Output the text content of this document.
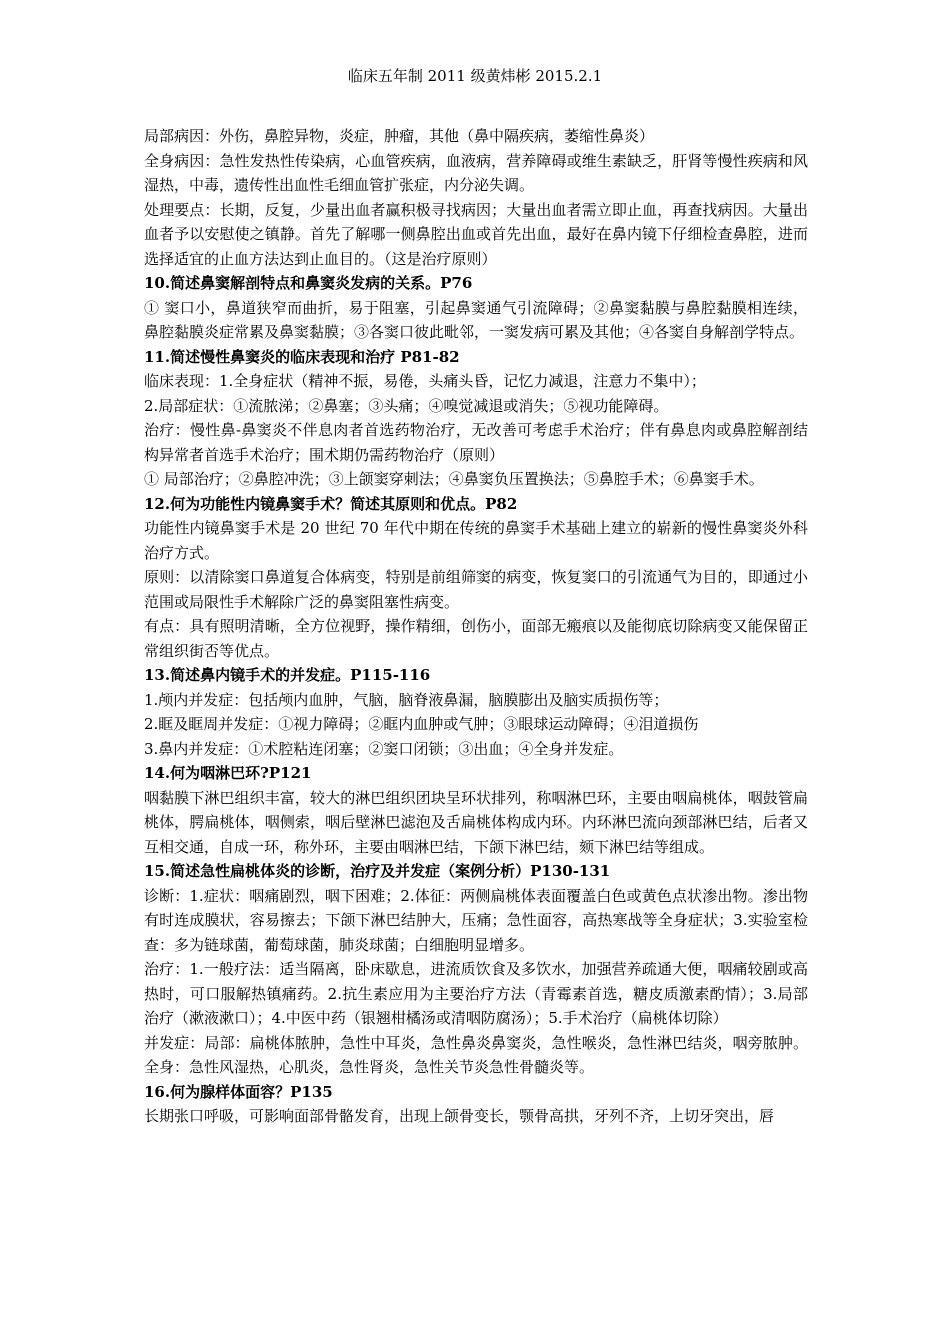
临床五年制 2011 级黄炜彬 2015.2.1

局部病因：外伤，鼻腔异物，炎症，肿瘤，其他（鼻中隔疾病，萎缩性鼻炎）

全身病因：急性发热性传染病，心血管疾病，血液病，营养障碍或维生素缺乏，肝肾等慢性疾病和风湿热，中毒，遗传性出血性毛细血管扩张症，内分泌失调。

处理要点：长期，反复，少量出血者赢积极寻找病因；大量出血者需立即止血，再查找病因。大量出血者予以安慰使之镇静。首先了解哪一侧鼻腔出血或首先出血，最好在鼻内镜下仔细检查鼻腔，进而选择适宜的止血方法达到止血目的。（这是治疗原则）

10.简述鼻窦解剖特点和鼻窦炎发病的关系。P76

① 窦口小，鼻道狭窄而曲折，易于阻塞，引起鼻窦通气引流障碍；②鼻窦黏膜与鼻腔黏膜相连续，鼻腔黏膜炎症常累及鼻窦黏膜；③各窦口彼此毗邻，一窦发病可累及其他；④各窦自身解剖学特点。

11.简述慢性鼻窦炎的临床表现和治疗 P81-82

临床表现：1.全身症状（精神不振，易倦，头痛头昏，记忆力减退，注意力不集中）；

2.局部症状：①流脓涕；②鼻塞；③头痛；④嗅觉减退或消失；⑤视功能障碍。

治疗：慢性鼻-鼻窦炎不伴息肉者首选药物治疗，无改善可考虑手术治疗；伴有鼻息肉或鼻腔解剖结构异常者首选手术治疗；围术期仍需药物治疗（原则）

① 局部治疗；②鼻腔冲洗；③上颌窦穿刺法；④鼻窦负压置换法；⑤鼻腔手术；⑥鼻窦手术。

12.何为功能性内镜鼻窦手术？简述其原则和优点。P82

功能性内镜鼻窦手术是 20 世纪 70 年代中期在传统的鼻窦手术基础上建立的崭新的慢性鼻窦炎外科治疗方式。

原则：以清除窦口鼻道复合体病变，特别是前组筛窦的病变，恢复窦口的引流通气为目的，即通过小范围或局限性手术解除广泛的鼻窦阻塞性病变。

有点：具有照明清晰，全方位视野，操作精细，创伤小，面部无瘢痕以及能彻底切除病变又能保留正常组织街否等优点。

13.简述鼻内镜手术的并发症。P115-116

1.颅内并发症：包括颅内血肿，气脑，脑脊液鼻漏，脑膜膨出及脑实质损伤等；

2.眶及眶周并发症：①视力障碍；②眶内血肿或气肿；③眼球运动障碍；④泪道损伤

3.鼻内并发症：①术腔粘连闭塞；②窦口闭锁；③出血；④全身并发症。

14.何为咽淋巴环?P121

咽黏膜下淋巴组织丰富，较大的淋巴组织团块呈环状排列，称咽淋巴环，主要由咽扁桃体，咽鼓管扁桃体，腭扁桃体，咽侧索，咽后壁淋巴滤泡及舌扁桃体构成内环。内环淋巴流向颈部淋巴结，后者又互相交通，自成一环，称外环，主要由咽淋巴结，下颌下淋巴结，颏下淋巴结等组成。

15.简述急性扁桃体炎的诊断，治疗及并发症（案例分析）P130-131

诊断：1.症状：咽痛剧烈，咽下困难；2.体征：两侧扁桃体表面覆盖白色或黄色点状渗出物。渗出物有时连成膜状，容易擦去；下颌下淋巴结肿大，压痛；急性面容，高热寒战等全身症状；3.实验室检查：多为链球菌，葡萄球菌，肺炎球菌；白细胞明显增多。

治疗：1.一般疗法：适当隔离，卧床歇息，进流质饮食及多饮水，加强营养疏通大便，咽痛较剧或高热时，可口服解热镇痛药。2.抗生素应用为主要治疗方法（青霉素首选，糖皮质激素酌情）；3.局部治疗（漱液漱口）；4.中医中药（银翘柑橘汤或清咽防腐汤）；5.手术治疗（扁桃体切除）

并发症：局部：扁桃体脓肿，急性中耳炎，急性鼻炎鼻窦炎，急性喉炎，急性淋巴结炎，咽旁脓肿。 全身：急性风湿热，心肌炎，急性肾炎，急性关节炎急性骨髓炎等。

16.何为腺样体面容？P135

长期张口呼吸，可影响面部骨骼发育，出现上颌骨变长，颚骨高拱，牙列不齐，上切牙突出，唇
